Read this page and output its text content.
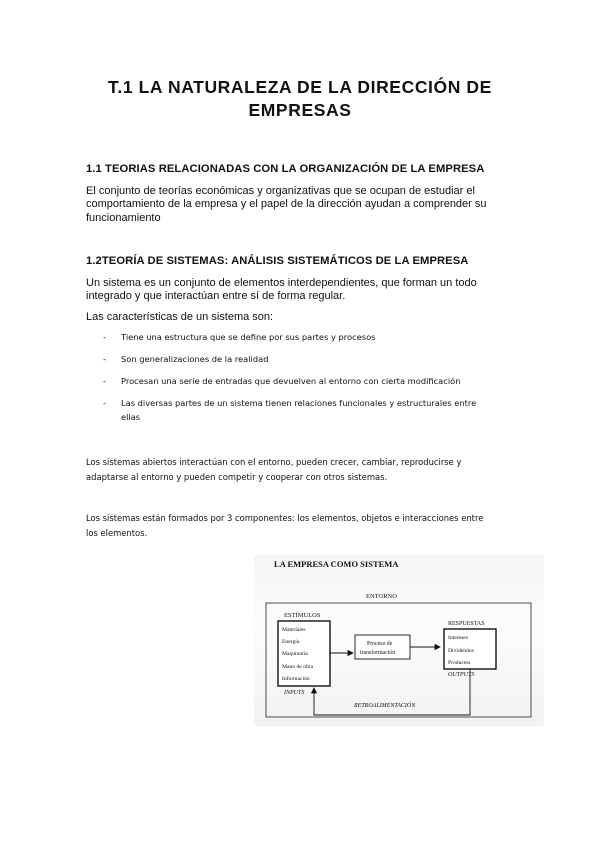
T.1 LA NATURALEZA DE LA DIRECCIÓN DE
EMPRESAS
1.1 TEORIAS RELACIONADAS CON LA ORGANIZACIÓN DE LA EMPRESA
El conjunto de teorías económicas y organizativas que se ocupan de estudiar el
comportamiento de la empresa y el papel de la dirección ayudan a comprender su
funcionamiento
1.2TEORÍA DE SISTEMAS: ANÁLISIS SISTEMÁTICOS DE LA EMPRESA
Un sistema es un conjunto de elementos interdependientes, que forman un todo
integrado y que interactúan entre sí de forma regular.
Las características de un sistema son:
- Tiene una estructura que se define por sus partes y procesos
- Son generalizaciones de la realidad
- Procesan una serie de entradas que devuelven al entorno con cierta modificación
- Las diversas partes de un sistema tienen relaciones funcionales y estructurales entre
ellas
Los sistemas abiertos interactúan con el entorno, pueden crecer, cambiar, reproducirse y
adaptarse al entorno y pueden competir y cooperar con otros sistemas.
Los sistemas están formados por 3 componentes: los elementos, objetos e interacciones entre
los elementos.
LA EMPRESA COMO SISTEMA
ENTORNO
ESTÍMULOS
Materiales
Energía
Maquinaria
Mano de obra
Información
INPUTS
Proceso de
transformación
RESPUESTAS
Intereses
Dividendos
Productos
OUTPUTS
RETROALIMENTACIÓN
